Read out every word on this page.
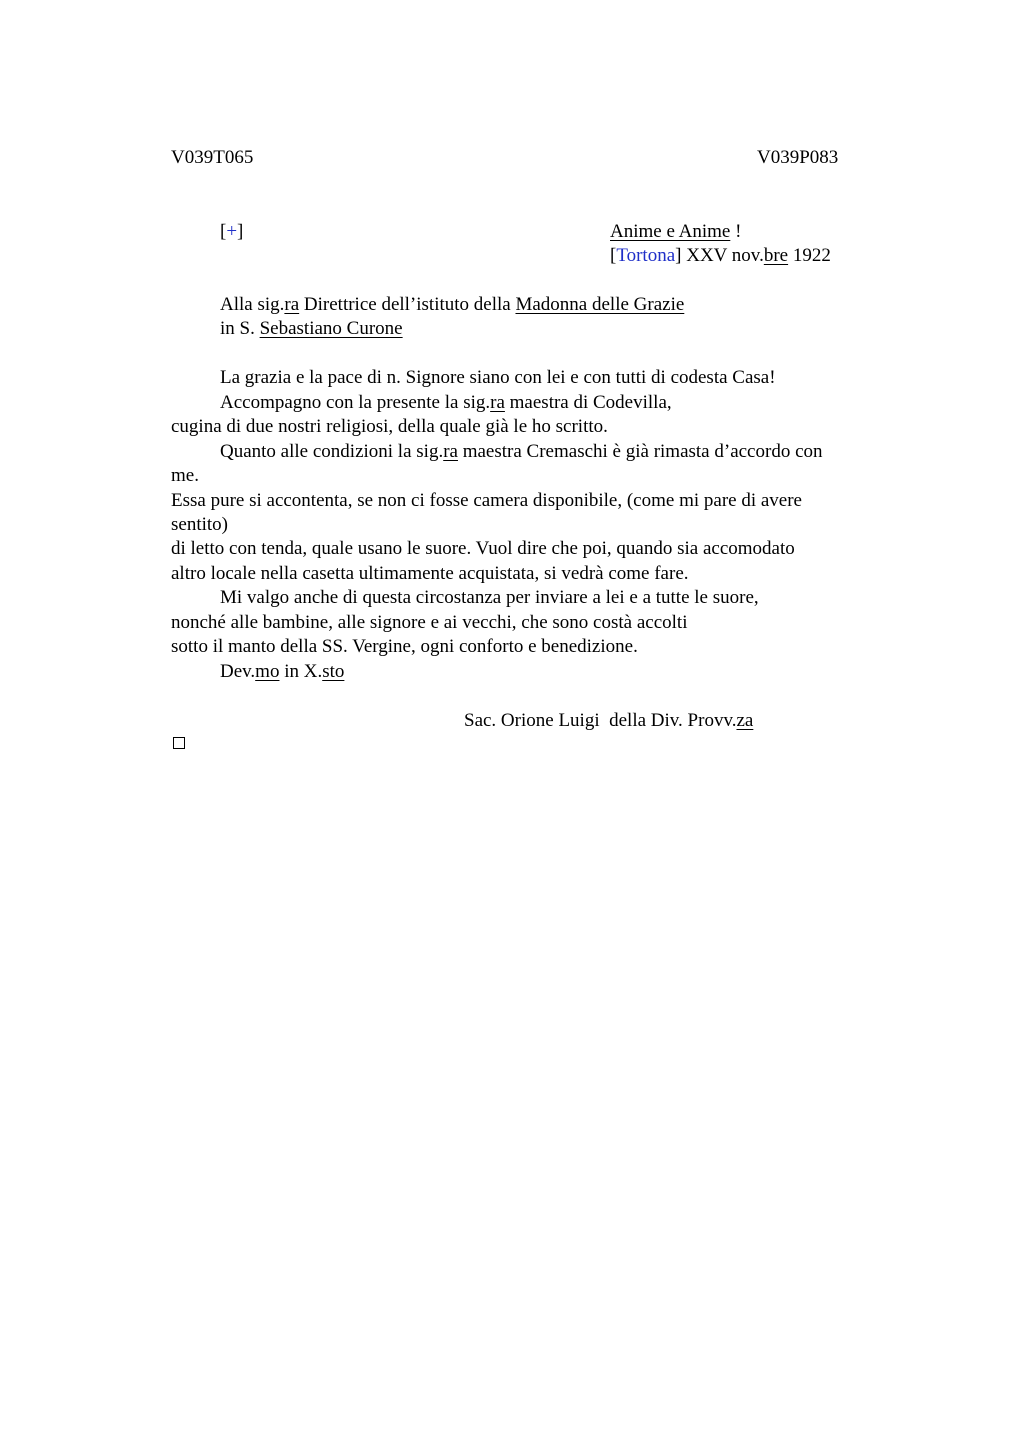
V039T065	V039P083
[+]	Anime e Anime !
[Tortona] XXV nov.bre 1922
Alla sig.ra Direttrice dell’istituto della Madonna delle Grazie
in S. Sebastiano Curone
La grazia e la pace di n. Signore siano con lei e con tutti di codesta Casa!
Accompagno con la presente la sig.ra maestra di Codevilla,
cugina di due nostri religiosi, della quale già le ho scritto.
Quanto alle condizioni la sig.ra maestra Cremaschi è già rimasta d’accordo con
me.
Essa pure si accontenta, se non ci fosse camera disponibile, (come mi pare di avere
sentito)
di letto con tenda, quale usano le suore. Vuol dire che poi, quando sia accomodato
altro locale nella casetta ultimamente acquistata, si vedrà come fare.
Mi valgo anche di questa circostanza per inviare a lei e a tutte le suore,
nonché alle bambine, alle signore e ai vecchi, che sono costà accolti
sotto il manto della SS. Vergine, ogni conforto e benedizione.
Dev.mo in X.sto
Sac. Orione Luigi  della Div. Provv.za
